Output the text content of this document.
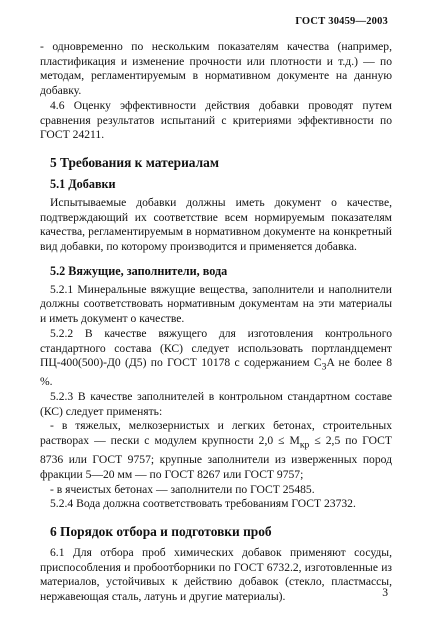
ГОСТ 30459—2003

- одновременно по нескольким показателям качества (например, пластификация и изменение прочности или плотности и т.д.) — по методам, регламентируемым в нормативном документе на данную добавку.

4.6 Оценку эффективности действия добавки проводят путем сравнения результатов испытаний с критериями эффективности по ГОСТ 24211.

5 Требования к материалам
5.1 Добавки

Испытываемые добавки должны иметь документ о качестве, подтверждающий их соответствие всем нормируемым показателям качества, регламентируемым в нормативном документе на конкретный вид добавки, по которому производится и применяется добавка.

5.2 Вяжущие, заполнители, вода

5.2.1 Минеральные вяжущие вещества, заполнители и наполнители должны соответствовать нормативным документам на эти материалы и иметь документ о качестве.

5.2.2 В качестве вяжущего для изготовления контрольного стандартного состава (КС) следует использовать портландцемент ПЦ-400(500)-Д0 (Д5) по ГОСТ 10178 с содержанием $C_3A$ не более 8 %.

5.2.3 В качестве заполнителей в контрольном стандартном составе (КС) следует применять:

- в тяжелых, мелкозернистых и легких бетонах, строительных растворах — пески с модулем крупности $2,0 \le M_{кр} \le 2,5$ по ГОСТ 8736 или ГОСТ 9757; крупные заполнители из изверженных пород фракции 5—20 мм — по ГОСТ 8267 или ГОСТ 9757;

- в ячеистых бетонах — заполнители по ГОСТ 25485.

5.2.4 Вода должна соответствовать требованиям ГОСТ 23732.

6 Порядок отбора и подготовки проб

6.1 Для отбора проб химических добавок применяют сосуды, приспособления и пробоотборники по ГОСТ 6732.2, изготовленные из материалов, устойчивых к действию добавок (стекло, пластмассы, нержавеющая сталь, латунь и другие материалы).	3
